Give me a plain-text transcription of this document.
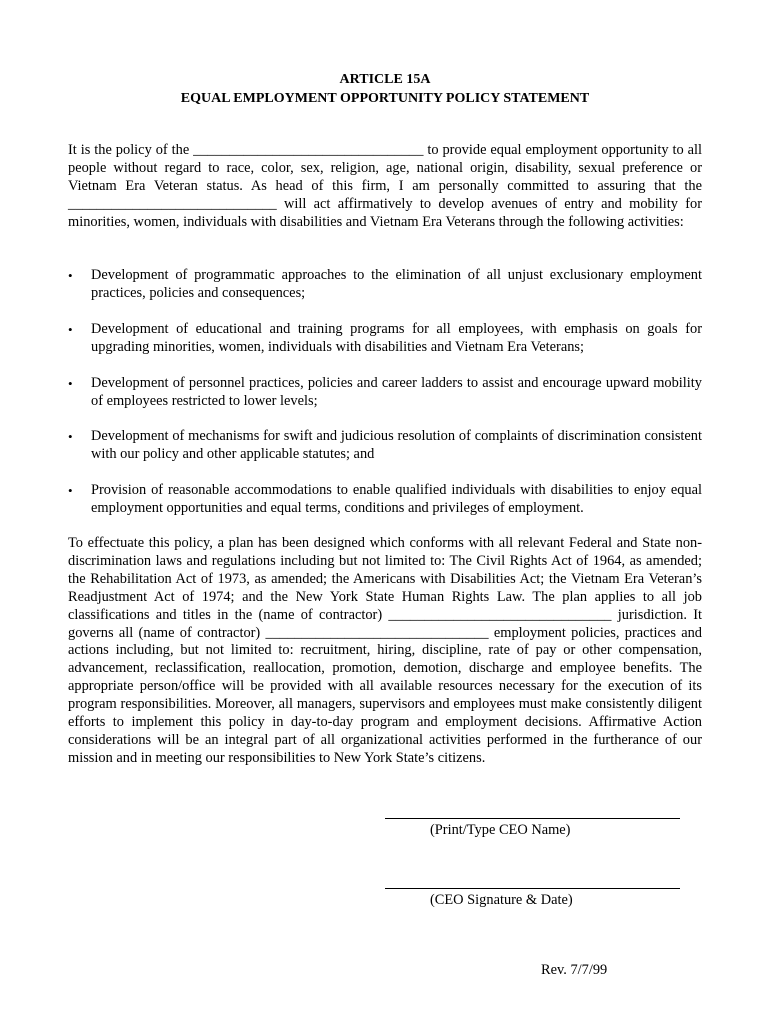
ARTICLE 15A
EQUAL EMPLOYMENT OPPORTUNITY POLICY STATEMENT
It is the policy of the ________________________________ to provide equal employment opportunity to all people without regard to race, color, sex, religion, age, national origin, disability, sexual preference or Vietnam Era Veteran status. As head of this firm, I am personally committed to assuring that the _____________________________ will act affirmatively to develop avenues of entry and mobility for minorities, women, individuals with disabilities and Vietnam Era Veterans through the following activities:
•	Development of programmatic approaches to the elimination of all unjust exclusionary employment practices, policies and consequences;
•	Development of educational and training programs for all employees, with emphasis on goals for upgrading minorities, women, individuals with disabilities and Vietnam Era Veterans;
•	Development of personnel practices, policies and career ladders to assist and encourage upward mobility of employees restricted to lower levels;
•	Development of mechanisms for swift and judicious resolution of complaints of discrimination consistent with our policy and other applicable statutes; and
•	Provision of reasonable accommodations to enable qualified individuals with disabilities to enjoy equal employment opportunities and equal terms, conditions and privileges of employment.
To effectuate this policy, a plan has been designed which conforms with all relevant Federal and State non-discrimination laws and regulations including but not limited to: The Civil Rights Act of 1964, as amended; the Rehabilitation Act of 1973, as amended; the Americans with Disabilities Act; the Vietnam Era Veteran’s Readjustment Act of 1974; and the New York State Human Rights Law. The plan applies to all job classifications and titles in the (name of contractor) _______________________________ jurisdiction. It governs all (name of contractor) _______________________________ employment policies, practices and actions including, but not limited to: recruitment, hiring, discipline, rate of pay or other compensation, advancement, reclassification, reallocation, promotion, demotion, discharge and employee benefits. The appropriate person/office will be provided with all available resources necessary for the execution of its program responsibilities. Moreover, all managers, supervisors and employees must make consistently diligent efforts to implement this policy in day-to-day program and employment decisions. Affirmative Action considerations will be an integral part of all organizational activities performed in the furtherance of our mission and in meeting our responsibilities to New York State’s citizens.
(Print/Type CEO Name)
(CEO Signature & Date)
Rev. 7/7/99
